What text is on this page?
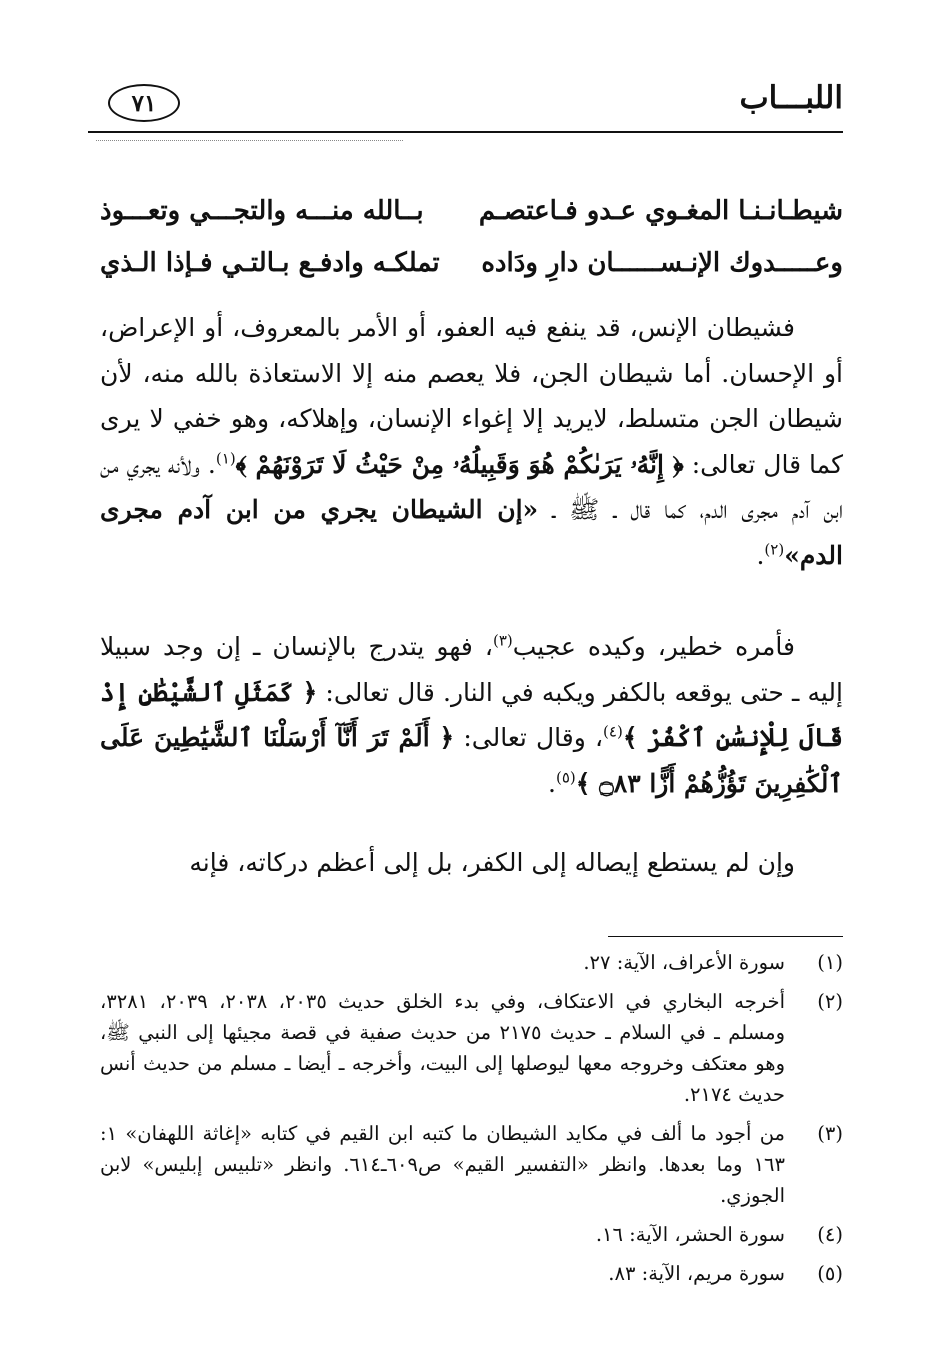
اللبـــاب
٧١
شيطـانـنـا المغـوي عـدو فـاعتصـم
بــالله منـــه والتجـــي وتعـــوذ
وعـــــدوك الإنـســــــان دارِ ودَاده
تملكـه وادفـع بـالتـي فـإذا الـذي

فشيطان الإنس، قد ينفع فيه العفو، أو الأمر بالمعروف، أو الإعراض، أو الإحسان. أما شيطان الجن، فلا يعصم منه إلا الاستعاذة بالله منه، لأن شيطان الجن متسلط، لايريد إلا إغواء الإنسان، وإهلاكه، وهو خفي لا يرى كما قال تعالى: ﴿ إِنَّهُۥ يَرَىٰكُمْ هُوَ وَقَبِيلُهُۥ مِنْ حَيْثُ لَا تَرَوْنَهُمْ ﴾$^{(١)}$. ولأنه يجري من ابن آدم مجرى الدم، كما قال ـ ﷺ ـ «إن الشيطان يجري من ابن آدم مجرى الدم»$^{(٢)}$.

فأمره خطير، وكيده عجيب$^{(٣)}$، فهو يتدرج بالإنسان ـ إن وجد سبيلا إليه ـ حتى يوقعه بالكفر ويكبه في النار. قال تعالى: ﴿ كَمَثَلِ ٱلشَّيْطَٰنِ إِذْ قَالَ لِلْإِنسَٰنِ ٱكْفُرْ ﴾$^{(٤)}$، وقال تعالى: ﴿ أَلَمْ تَرَ أَنَّآ أَرْسَلْنَا ٱلشَّيَٰطِينَ عَلَى ٱلْكَٰفِرِينَ تَؤُزُّهُمْ أَزًّا ۝٨٣ ﴾$^{(٥)}$.

وإن لم يستطع إيصاله إلى الكفر، بل إلى أعظم دركاته، فإنه

(١)
سورة الأعراف، الآية: ٢٧.
(٢)
أخرجه البخاري في الاعتكاف، وفي بدء الخلق حديث ٢٠٣٥، ٢٠٣٨، ٢٠٣٩، ٣٢٨١، ومسلم ـ في السلام ـ حديث ٢١٧٥ من حديث صفية في قصة مجيئها إلى النبي ﷺ، وهو معتكف وخروجه معها ليوصلها إلى البيت، وأخرجه ـ أيضا ـ مسلم من حديث أنس حديث ٢١٧٤.
(٣)
من أجود ما ألف في مكايد الشيطان ما كتبه ابن القيم في كتابه «إغاثة اللهفان» ١: ١٦٣ وما بعدها. وانظر «التفسير القيم» ص٦٠٩ـ٦١٤. وانظر «تلبيس إبليس» لابن الجوزي.
(٤)
سورة الحشر، الآية: ١٦.
(٥)
سورة مريم، الآية: ٨٣.
